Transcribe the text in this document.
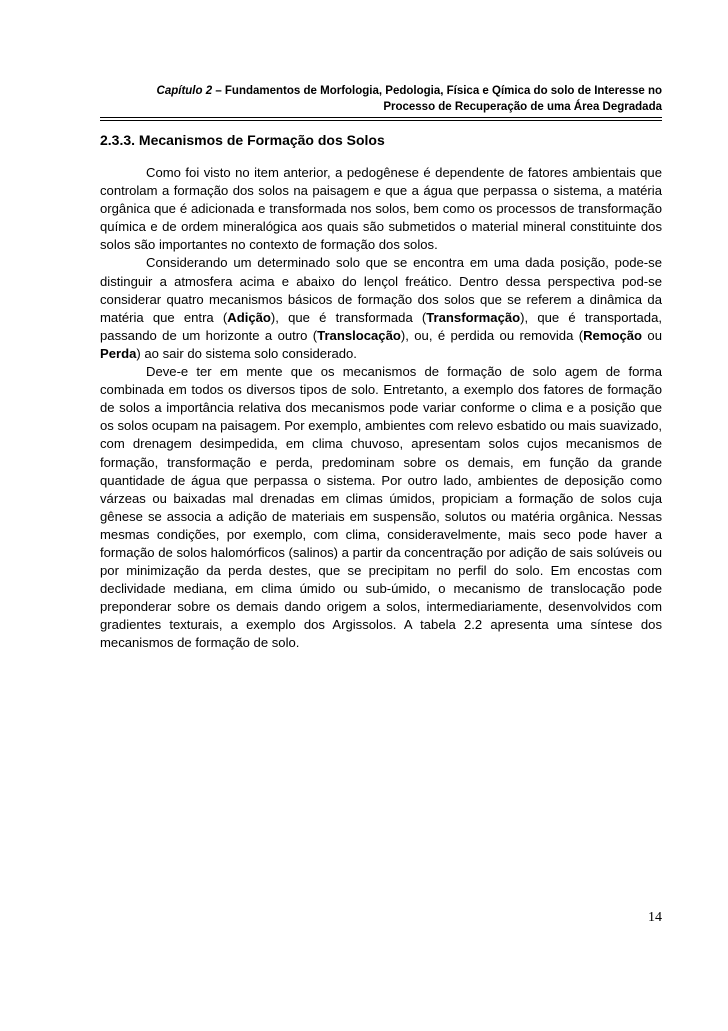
Capítulo 2 – Fundamentos de Morfologia, Pedologia, Física e Qímica do solo de Interesse no
Processo de Recuperação de uma Área Degradada
2.3.3. Mecanismos de Formação dos Solos

Como foi visto no item anterior, a pedogênese é dependente de fatores ambientais que controlam a formação dos solos na paisagem e que a água que perpassa o sistema, a matéria orgânica que é adicionada e transformada nos solos, bem como os processos de transformação química e de ordem mineralógica aos quais são submetidos o material mineral constituinte dos solos são importantes no contexto de formação dos solos.

Considerando um determinado solo que se encontra em uma dada posição, pode-se distinguir a atmosfera acima e abaixo do lençol freático. Dentro dessa perspectiva pod-se considerar quatro mecanismos básicos de formação dos solos que se referem a dinâmica da matéria que entra (Adição), que é transformada (Transformação), que é transportada, passando de um horizonte a outro (Translocação), ou, é perdida ou removida (Remoção ou Perda) ao sair do sistema solo considerado.

Deve-e ter em mente que os mecanismos de formação de solo agem de forma combinada em todos os diversos tipos de solo. Entretanto, a exemplo dos fatores de formação de solos a importância relativa dos mecanismos pode variar conforme o clima e a posição que os solos ocupam na paisagem. Por exemplo, ambientes com relevo esbatido ou mais suavizado, com drenagem desimpedida, em clima chuvoso, apresentam solos cujos mecanismos de formação, transformação e perda, predominam sobre os demais, em função da grande quantidade de água que perpassa o sistema. Por outro lado, ambientes de deposição como várzeas ou baixadas mal drenadas em climas úmidos, propiciam a formação de solos cuja gênese se associa a adição de materiais em suspensão, solutos ou matéria orgânica. Nessas mesmas condições, por exemplo, com clima, consideravelmente, mais seco pode haver a formação de solos halomórficos (salinos) a partir da concentração por adição de sais solúveis ou por minimização da perda destes, que se precipitam no perfil do solo. Em encostas com declividade mediana, em clima úmido ou sub-úmido, o mecanismo de translocação pode preponderar sobre os demais dando origem a solos, intermediariamente, desenvolvidos com gradientes texturais, a exemplo dos Argissolos. A tabela 2.2 apresenta uma síntese dos mecanismos de formação de solo.

14
